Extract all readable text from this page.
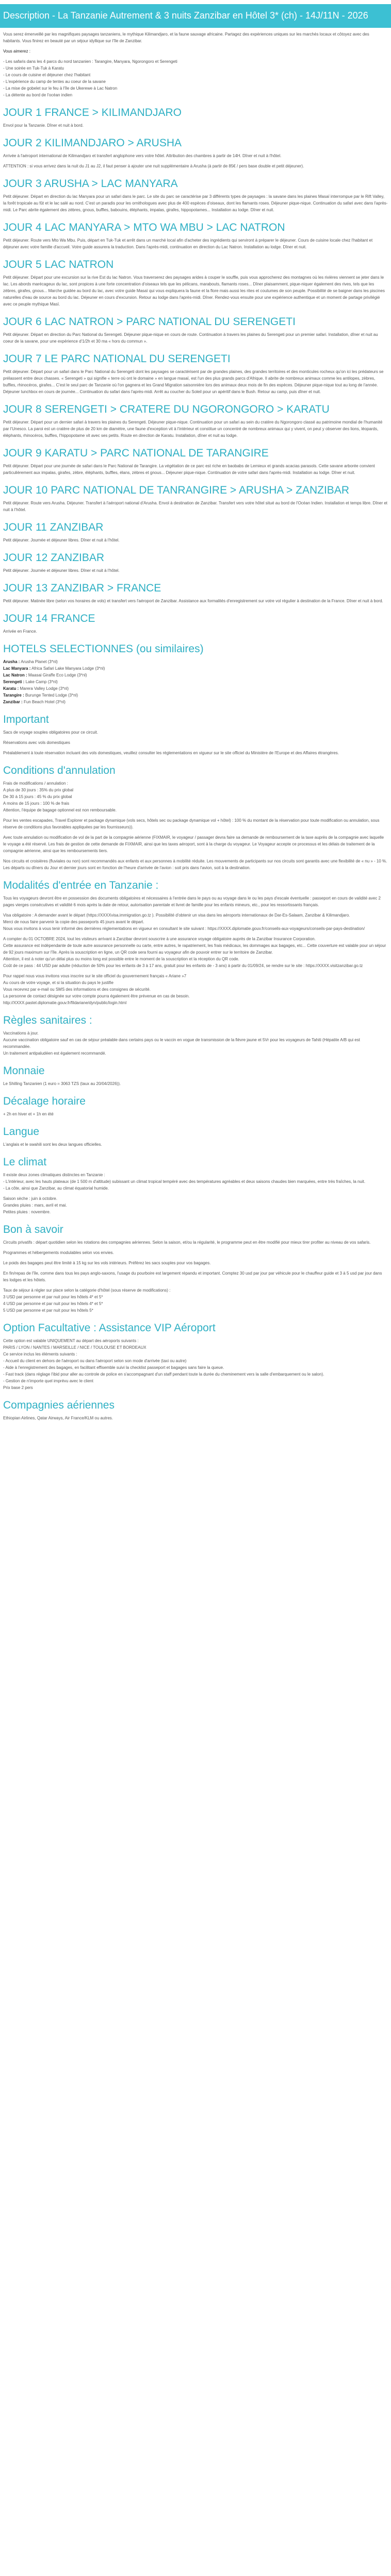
Description - La Tanzanie Autrement & 3 nuits Zanzibar en Hôtel 3* (ch) - 14J/11N - 2026

Vous serez émerveillé par les magnifiques paysages tanzaniens, le mythique Kilimandjaro, et la faune sauvage africaine. Partagez des expériences uniques sur les marchés locaux et côtoyez avec des habitants. Vous finirez en beauté par un séjour idyllique sur l'île de Zanzibar.

Vous aimerez :

- Les safaris dans les 4 parcs du nord tanzanien : Tarangire, Manyara, Ngorongoro et Serengeti
- Une soirée en Tuk-Tuk à Karatu
- Le cours de cuisine et déjeuner chez l'habitant
- L'expérience du camp de tentes au coeur de la savane
- La mise de gobelet sur le feu à l'île de Ukerewe à Lac Natron
- La détente au bord de l'océan indien
JOUR 1 FRANCE > KILIMANDJARO

Envol pour la Tanzanie. Dîner et nuit à bord.

JOUR 2 KILIMANDJARO > ARUSHA

Arrivée à l'aéroport international de Kilimandjaro et transfert anglophone vers votre hôtel. Attribution des chambres à partir de 14H. Dîner et nuit à l'hôtel.

ATTENTION : si vous arrivez dans la nuit du J1 au J2, il faut penser à ajouter une nuit supplémentaire à Arusha (à partir de 85€ / pers base double et petit déjeuner).

JOUR 3 ARUSHA > LAC MANYARA

Petit déjeuner. Départ en direction du lac Manyara pour un safari dans le parc. Le site du parc se caractérise par 3 différents types de paysages : la savane dans les plaines Masaï interrompue par le Rift Valley, la forêt tropicale au fût et le lac salé au nord. C'est un paradis pour les ornithologues avec plus de 400 espèces d'oiseaux, dont les flamants roses. Déjeuner pique-nique. Continuation du safari avec dans l'après-midi. Le Parc abrite également des zèbres, gnous, buffles, babouins, éléphants, impalas, girafes, hippopotames... Installation au lodge. Dîner et nuit.

JOUR 4 LAC MANYARA > MTO WA MBU > LAC NATRON

Petit déjeuner. Route vers Mto Wa Mbu. Puis, départ en Tuk-Tuk et arrêt dans un marché local afin d'acheter des ingrédients qui serviront à préparer le déjeuner. Cours de cuisine locale chez l'habitant et déjeuner avec votre famille d'accueil. Votre guide assurera la traduction. Dans l'après-midi, continuation en direction du Lac Natron. Installation au lodge. Dîner et nuit.

JOUR 5 LAC NATRON

Petit déjeuner. Départ pour une excursion sur la rive Est du lac Natron. Vous traverserez des paysages arides à couper le souffle, puis vous approcherez des montagnes où les rivières viennent se jeter dans le lac. Les abords marécageux du lac, sont propices à une forte concentration d'oiseaux tels que les pélicans, marabouts, flamants roses... Dîner plaisamment, pique-niquer également des rives, tels que les zèbres, girafes, gnous... Marche guidée au bord du lac, avec votre guide Masaï qui vous expliquera la faune et la flore mais aussi les rites et coutumes de son peuple. Possibilité de se baigner dans les piscines naturelles d'eau de source au bord du lac. Déjeuner en cours d'excursion. Retour au lodge dans l'après-midi. Dîner. Rendez-vous ensuite pour une expérience authentique et un moment de partage privilégié avec ce peuple mythique Masï.

JOUR 6 LAC NATRON > PARC NATIONAL DU SERENGETI

Petit déjeuner. Départ en direction du Parc National du Serengeti. Déjeuner pique-nique en cours de route. Continuation à travers les plaines du Serengeti pour un premier safari. Installation, dîner et nuit au coeur de la savane, pour une expérience d'1/2h et 30 ma « hors du commun ».

JOUR 7 LE PARC NATIONAL DU SERENGETI

Petit déjeuner. Départ pour un safari dans le Parc National du Serengeti dont les paysages se caractérisent par de grandes plaines, des grandes territoires et des monticules rocheux qu'on ici les prédateurs se prélassent entre deux chasses. « Serengeti » qui signifie « terre où ont le domaine » en langue masaï, est l'un des plus grands parcs d'Afrique. Il abrite de nombreux animaux comme les antilopes, zèbres, buffles, rhinocéros, girafes... C'est le seul parc de Tanzanie où l'on gagnera et les Grand Migration saisonnière lors des animaux deux mois de fin des espèces. Déjeuner pique-nique tout au long de l'année. Déjeuner lunchbox en cours de journée... Continuation du safari dans l'après-midi. Arrêt au coucher du Soleil pour un apéritif dans le Bush. Retour au camp, puis dîner et nuit.

JOUR 8 SERENGETI > CRATERE DU NGORONGORO > KARATU

Petit déjeuner. Départ pour un dernier safari à travers les plaines du Serengeti. Déjeuner pique-nique. Continuation pour un safari au sein du cratère du Ngorongoro classé au patrimoine mondial de l'humanité par l'Unesco. La paroi est un cratère de plus de 20 km de diamètre, une faune d'exception vit à l'intérieur et constitue un concentré de nombreux animaux qui y vivent, on peut y observer des lions, léopards, éléphants, rhinocéros, buffles, l'hippopotame vit avec ses petits. Route en direction de Karatu. Installation, dîner et nuit au lodge.

JOUR 9 KARATU > PARC NATIONAL DE TARANGIRE

Petit déjeuner. Départ pour une journée de safari dans le Parc National de Tarangire. La végétation de ce parc est riche en baobabs de Lemieux et grands acacias parasols. Cette savane arborée convient particulièrement aux impalas, girafes, zèbre, éléphants, buffles, élans, zèbres et gnous... Déjeuner pique-nique. Continuation de votre safari dans l'après-midi. Installation au lodge. Dîner et nuit.

JOUR 10 PARC NATIONAL DE TANRANGIRE > ARUSHA > ZANZIBAR

Petit déjeuner. Route vers Arusha. Déjeuner. Transfert à l'aéroport national d'Arusha. Envol à destination de Zanzibar. Transfert vers votre hôtel situé au bord de l'Océan Indien. Installation et temps libre. Dîner et nuit à l'hôtel.

JOUR 11 ZANZIBAR

Petit déjeuner. Journée et déjeuner libres. Dîner et nuit à l'hôtel.

JOUR 12 ZANZIBAR

Petit déjeuner. Journée et déjeuner libres. Dîner et nuit à l'hôtel.

JOUR 13 ZANZIBAR > FRANCE

Petit déjeuner. Matinée libre (selon vos horaires de vols) et transfert vers l'aéroport de Zanzibar. Assistance aux formalités d'enregistrement sur votre vol régulier à destination de la France. Dîner et nuit à bord.

JOUR 14 FRANCE

Arrivée en France.

HOTELS SELECTIONNES (ou similaires)

Arusha : Arusha Planet (3*nl)

Lac Manyara : Africa Safari Lake Manyara Lodge (3*nl)

Lac Natron : Maasai Giraffe Eco Lodge (3*nl)

Serengeti : Lake Camp (3*nl)

Karatu : Marera Valley Lodge (3*nl)

Tarangire : Burunge Tented Lodge (3*nl)

Zanzibar : Fun Beach Hotel (3*nl)

Important

Sacs de voyage souples obligatoires pour ce circuit.

Réservations avec vols domestiques

Préalablement à toute réservation incluant des vols domestiques, veuillez consulter les réglementations en vigueur sur le site officiel du Ministère de l'Europe et des Affaires étrangères.

Conditions d'annulation

Frais de modifications / annulation :
A plus de 30 jours : 35% du prix global
De 30 à 15 jours : 45 % du prix global
A moins de 15 jours : 100 % de frais
Attention, l'équipe de bagage optionnel est non remboursable.

Pour les ventes escapades, Travel Explorer et package dynamique (vols secs, hôtels sec ou package dynamique vol + hôtel) : 100 % du montant de la réservation pour toute modification ou annulation, sous réserve de conditions plus favorables appliquées par les fournisseurs)).

Avec toute annulation ou modification de vol de la part de la compagnie aérienne (FIXMAIR, le voyageur / passager devra faire sa demande de remboursement de la taxe auprès de la compagnie avec laquelle le voyage a été réservé. Les frais de gestion de cette demande de FIXMAIR, ainsi que les taxes aéroport, sont à la charge du voyageur. Le Voyageur accepte ce processus et les délais de traitement de la compagnie aérienne, ainsi que les remboursements tiers.

Nos circuits et croisières (fluviales ou non) sont recommandés aux enfants et aux personnes à mobilité réduite. Les mouvements de participants sur nos circuits sont garantis avec une flexibilité de « nu » - 10 %.
Les départs ou dîners du Jour et dernier jours sont en fonction de l'heure d'arrivée de l'avion : soit pris dans l'avion, soit à la destination.

Modalités d'entrée en Tanzanie :

Tous les voyageurs devront être en possession des documents obligatoires et nécessaires à l'entrée dans le pays ou au voyage dans le ou les pays d'escale éventuelle : passeport en cours de validité avec 2 pages vierges consécutives et validité 6 mois après la date de retour, autorisation parentale et livret de famille pour les enfants mineurs, etc., pour les ressortissants français.

Visa obligatoire : A demander avant le départ (https://XXXXvisa.immigration.go.tz ). Possibilité d'obtenir un visa dans les aéroports internationaux de Dar-Es-Salaam, Zanzibar & Kilimandjaro.
Merci de nous faire parvenir la copie des passeports 45 jours avant le départ.
Nous vous invitons à vous tenir informé des dernières réglementations en vigueur en consultant le site suivant : https://XXXX.diplomatie.gouv.fr/conseils-aux-voyageurs/conseils-par-pays-destination/

A compter du 01 OCTOBRE 2024, tout les visiteurs arrivant à Zanzibar devront souscrire à une assurance voyage obligatoire auprès de la Zanzibar Insurance Corporation.
Cette assurance est indépendante de toute autre assurance personnelle ou carte, entre autres, le rapatriement, les frais médicaux, les dommages aux bagages, etc... Cette couverture est valable pour un séjour de 92 jours maximum sur l'île. Après la souscription en ligne, un QR code sera fourni au voyageur afin de pouvoir entrer sur le territoire de Zanzibar.
Attention, il est à noter qu'un délai plus ou moins long est possible entre le moment de la souscription et la réception du QR code.
Coût de ce pass : 44 USD par adulte (réduction de 50% pour les enfants de 3 à 17 ans, gratuit pour les enfants de - 3 ans) à partir du 01/09/24, se rendre sur le site : https://XXXX.visitzanzibar.go.tz

Pour rappel nous vous invitons vous inscrire sur le site officiel du gouvernement français « Ariane »7
Au cours de votre voyage, et si la situation du pays le justifie
Vous recevrez par e-mail ou SMS des informations et des consignes de sécurité.
La personne de contact désignée sur votre compte pourra également être prévenue en cas de besoin.
http://XXXX.pastel.diplomatie.gouv.fr/fildariane/dyn/public/login.html

Règles sanitaires :

Vaccinations à jour.
Aucune vaccination obligatoire sauf en cas de séjour préalable dans certains pays ou le vaccin en vogue de transmission de la fièvre jaune et 5Vr pour les voyageurs de Tahiti (Hépatite A/B qui est recommandée.
Un traitement antipaludéen est également recommandé.

Monnaie

Le Shilling Tanzanien (1 euro = 3063 TZS (taux au 20/04/2026)).

Décalage horaire

+ 2h en hiver et + 1h en été

Langue

L'anglais et le swahili sont les deux langues officielles.

Le climat

Il existe deux zones climatiques distinctes en Tanzanie :
- L'intérieur, avec les hauts plateaux (de 1 500 m d'altitude) subissant un climat tropical tempéré avec des températures agréables et deux saisons chaudes bien marquées, entre très fraîches, la nuit.
- La côte, ainsi que Zanzibar, au climat équatorial humide.

Saison sèche : juin à octobre.
Grandes pluies : mars, avril et mai.
Petites pluies : novembre.

Bon à savoir

Circuits privatifs : départ quotidien selon les rotations des compagnies aériennes. Selon la saison, et/ou la régularité, le programme peut en être modifié pour mieux tirer profiter au niveau de vos safaris.

Programmes et hébergements modulables selon vos envies.

Le poids des bagages peut être limité à 15 kg sur les vols intérieurs. Préférez les sacs souples pour vos bagages.

En fin/repas de l'île, comme dans tous les pays anglo-saxons, l'usage du pourboire est largement répandu et important. Comptez 30 usd par jour par véhicule pour le chauffeur guide et 3 à 5 usd par jour dans les lodges et les hôtels.

Taux de séjour à régler sur place selon la catégorie d'hôtel (sous réserve de modifications) :
3 USD par personne et par nuit pour les hôtels 4* et 5*
4 USD par personne et par nuit pour les hôtels 4* et 5*
5 USD par personne et par nuit pour les hôtels 5*

Option Facultative : Assistance VIP Aéroport

Cette option est valable UNIQUEMENT au départ des aéroports suivants :
PARIS / LYON / NANTES / MARSEILLE / NICE / TOULOUSE ET BORDEAUX
Ce service inclus les éléments suivants :
- Accueil du client en dehors de l'aéroport ou dans l'aéroport selon son mode d'arrivée (taxi ou autre)
- Aide à l'enregistrement des bagages, en facilitant effisemble suivi la checklist passeport et bagages sans faire la queue.
- Fast track (dans réglage l'ibid pour aller au controle de police en s'accompagnant d'un staff pendant toute la durée du cheminement vers la salle d'embarquement ou le salon).
- Gestion de n'importe quel imprévu avec le client
Prix base 2 pers

Compagnies aériennes

Ethiopian Airlines, Qatar Airways, Air France/KLM ou autres.
